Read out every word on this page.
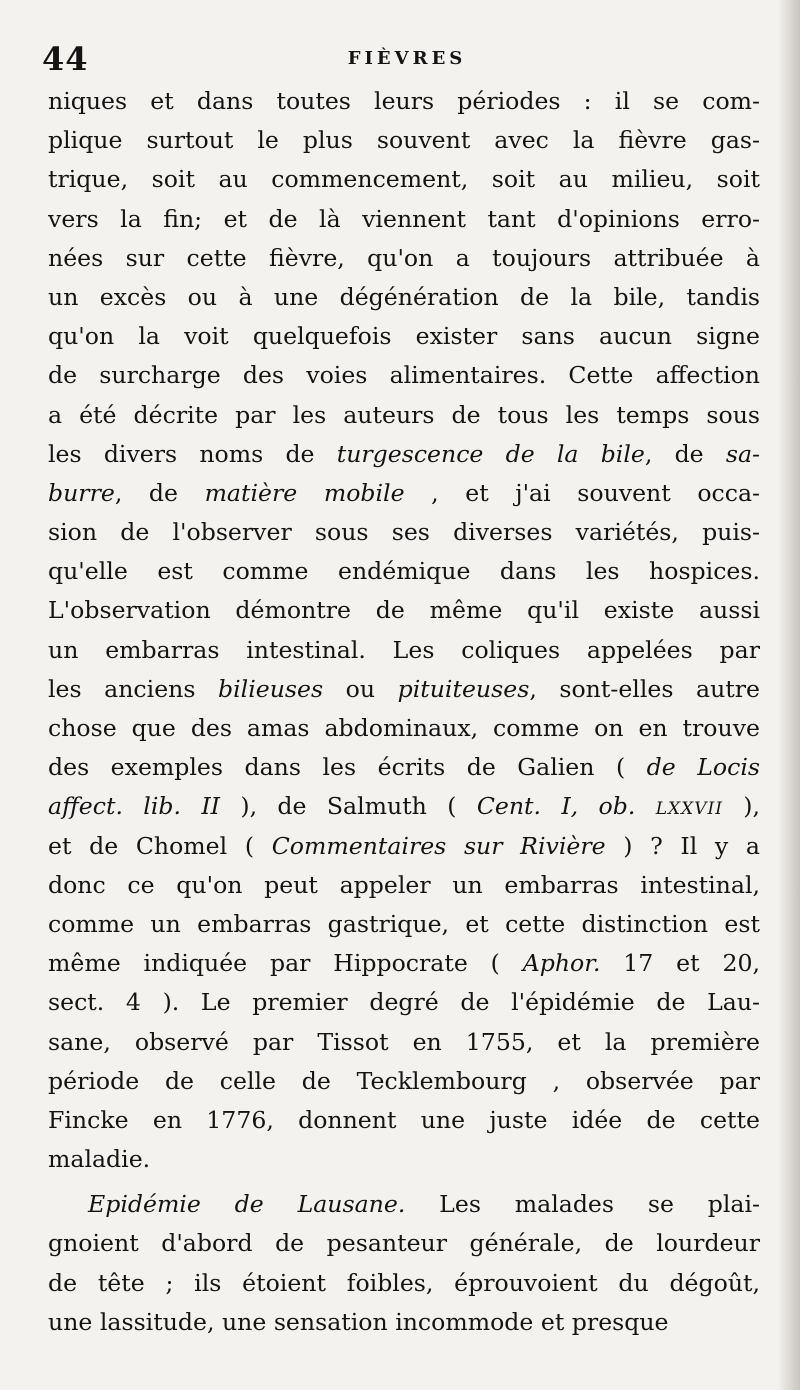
44	FIÈVRES
niques et dans toutes leurs périodes : il se com-
plique surtout le plus souvent avec la fièvre gas-
trique, soit au commencement, soit au milieu, soit
vers la fin; et de là viennent tant d'opinions erro-
nées sur cette fièvre, qu'on a toujours attribuée à
un excès ou à une dégénération de la bile, tandis
qu'on la voit quelquefois exister sans aucun signe
de surcharge des voies alimentaires. Cette affection
a été décrite par les auteurs de tous les temps sous
les divers noms de turgescence de la bile, de sa-
burre, de matière mobile , et j'ai souvent occa-
sion de l'observer sous ses diverses variétés, puis-
qu'elle est comme endémique dans les hospices.
L'observation démontre de même qu'il existe aussi
un embarras intestinal. Les coliques appelées par
les anciens bilieuses ou pituiteuses, sont-elles autre
chose que des amas abdominaux, comme on en trouve
des exemples dans les écrits de Galien ( de Locis
affect. lib. II ), de Salmuth ( Cent. I, ob. lxxvii ),
et de Chomel ( Commentaires sur Rivière ) ? Il y a
donc ce qu'on peut appeler un embarras intestinal,
comme un embarras gastrique, et cette distinction est
même indiquée par Hippocrate ( Aphor. 17 et 20,
sect. 4 ). Le premier degré de l'épidémie de Lau-
sane, observé par Tissot en 1755, et la première
période de celle de Tecklembourg , observée par
Fincke en 1776, donnent une juste idée de cette
maladie.
Epidémie de Lausane. Les malades se plai-
gnoient d'abord de pesanteur générale, de lourdeur
de tête ; ils étoient foibles, éprouvoient du dégoût,
une lassitude, une sensation incommode et presque
